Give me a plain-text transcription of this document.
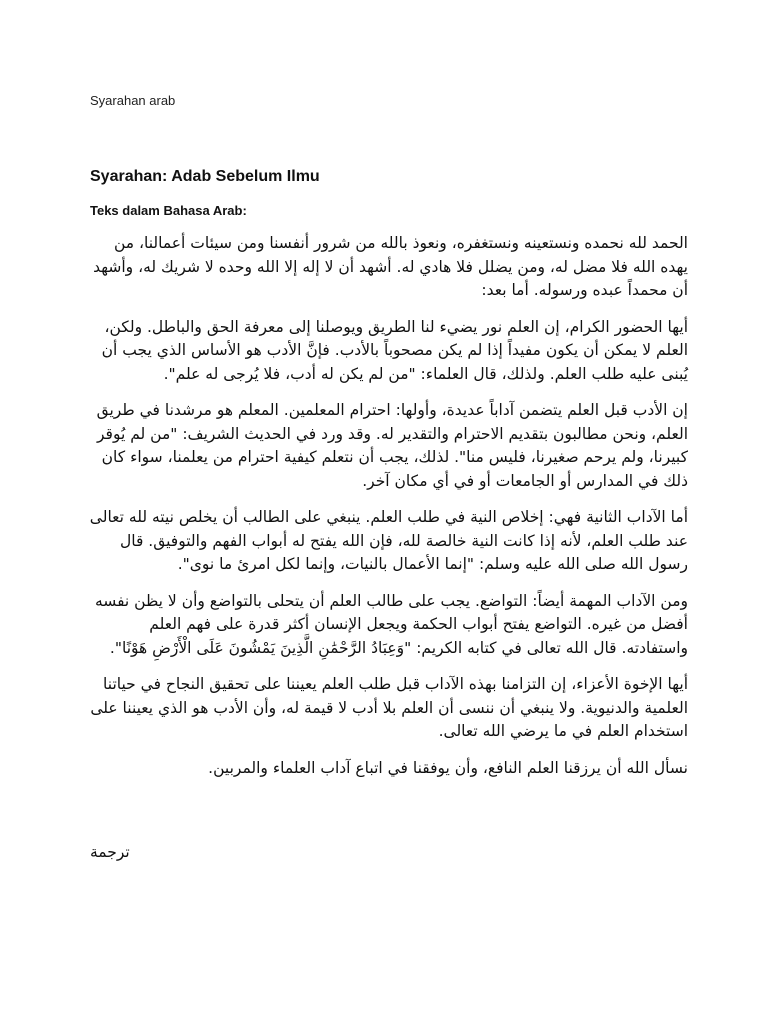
Syarahan arab
Syarahan: Adab Sebelum Ilmu
Teks dalam Bahasa Arab:

الحمد لله نحمده ونستعينه ونستغفره، ونعوذ بالله من شرور أنفسنا ومن سيئات أعمالنا، من يهده الله فلا مضل له، ومن يضلل فلا هادي له. أشهد أن لا إله إلا الله وحده لا شريك له، وأشهد أن محمداً عبده ورسوله. أما بعد:

أيها الحضور الكرام، إن العلم نور يضيء لنا الطريق ويوصلنا إلى معرفة الحق والباطل. ولكن، العلم لا يمكن أن يكون مفيداً إذا لم يكن مصحوباً بالأدب. فإنَّ الأدب هو الأساس الذي يجب أن يُبنى عليه طلب العلم. ولذلك، قال العلماء: "من لم يكن له أدب، فلا يُرجى له علم".

إن الأدب قبل العلم يتضمن آداباً عديدة، وأولها: احترام المعلمين. المعلم هو مرشدنا في طريق العلم، ونحن مطالبون بتقديم الاحترام والتقدير له. وقد ورد في الحديث الشريف: "من لم يُوقر كبيرنا، ولم يرحم صغيرنا، فليس منا". لذلك، يجب أن نتعلم كيفية احترام من يعلمنا، سواء كان ذلك في المدارس أو الجامعات أو في أي مكان آخر.

أما الآداب الثانية فهي: إخلاص النية في طلب العلم. ينبغي على الطالب أن يخلص نيته لله تعالى عند طلب العلم، لأنه إذا كانت النية خالصة لله، فإن الله يفتح له أبواب الفهم والتوفيق. قال رسول الله صلى الله عليه وسلم: "إنما الأعمال بالنيات، وإنما لكل امرئ ما نوى".

ومن الآداب المهمة أيضاً: التواضع. يجب على طالب العلم أن يتحلى بالتواضع وأن لا يظن نفسه أفضل من غيره. التواضع يفتح أبواب الحكمة ويجعل الإنسان أكثر قدرة على فهم العلم واستفادته. قال الله تعالى في كتابه الكريم: "وَعِبَادُ الرَّحْمَٰنِ الَّذِينَ يَمْشُونَ عَلَى الْأَرْضِ هَوْنًا".

أيها الإخوة الأعزاء، إن التزامنا بهذه الآداب قبل طلب العلم يعيننا على تحقيق النجاح في حياتنا العلمية والدنيوية. ولا ينبغي أن ننسى أن العلم بلا أدب لا قيمة له، وأن الأدب هو الذي يعيننا على استخدام العلم في ما يرضي الله تعالى.

نسأل الله أن يرزقنا العلم النافع، وأن يوفقنا في اتباع آداب العلماء والمربين.

ترجمة
